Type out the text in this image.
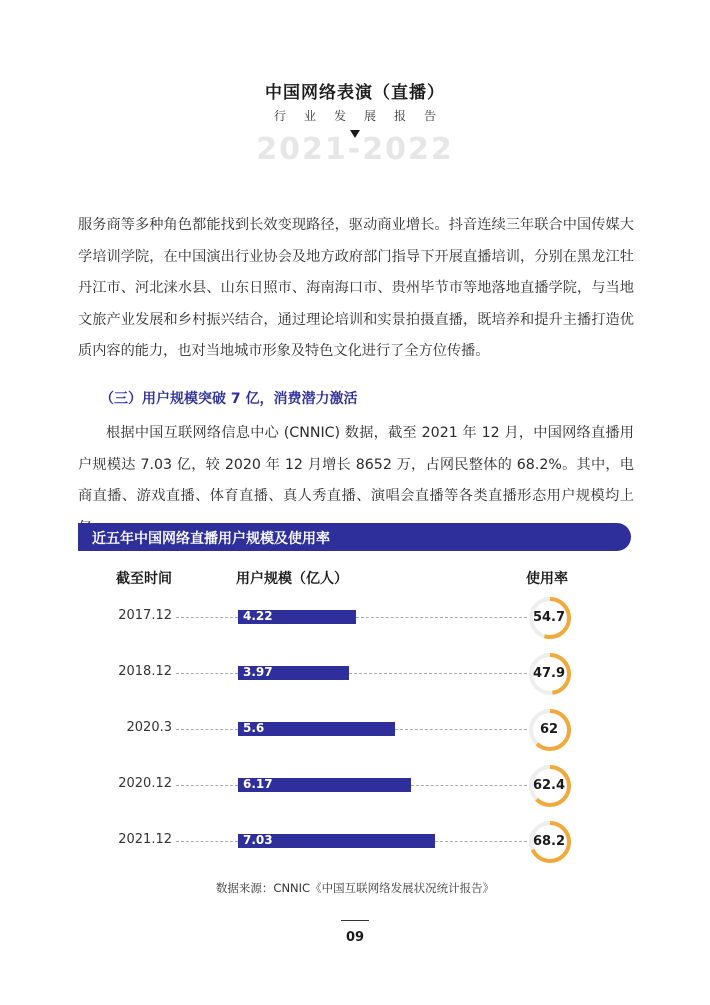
中国网络表演（直播）
行业发展报告
2021-2022

服务商等多种角色都能找到长效变现路径，驱动商业增长。抖音连续三年联合中国传媒大学培训学院，在中国演出行业协会及地方政府部门指导下开展直播培训，分别在黑龙江牡丹江市、河北涞水县、山东日照市、海南海口市、贵州毕节市等地落地直播学院，与当地文旅产业发展和乡村振兴结合，通过理论培训和实景拍摄直播，既培养和提升主播打造优质内容的能力，也对当地城市形象及特色文化进行了全方位传播。

（三）用户规模突破 7 亿，消费潜力激活

根据中国互联网络信息中心 (CNNIC) 数据，截至 2021 年 12 月，中国网络直播用户规模达 7.03 亿，较 2020 年 12 月增长 8652 万，占网民整体的 68.2%。其中，电商直播、游戏直播、体育直播、真人秀直播、演唱会直播等各类直播形态用户规模均上

近五年中国网络直播用户规模及使用率
截至时间	用户规模（亿人）	使用率
2017.12	4.22	54.7
2018.12	3.97	47.9
2020.3	5.6	62
2020.12	6.17	62.4
2021.12	7.03	68.2
数据来源：CNNIC《中国互联网络发展状况统计报告》
09
